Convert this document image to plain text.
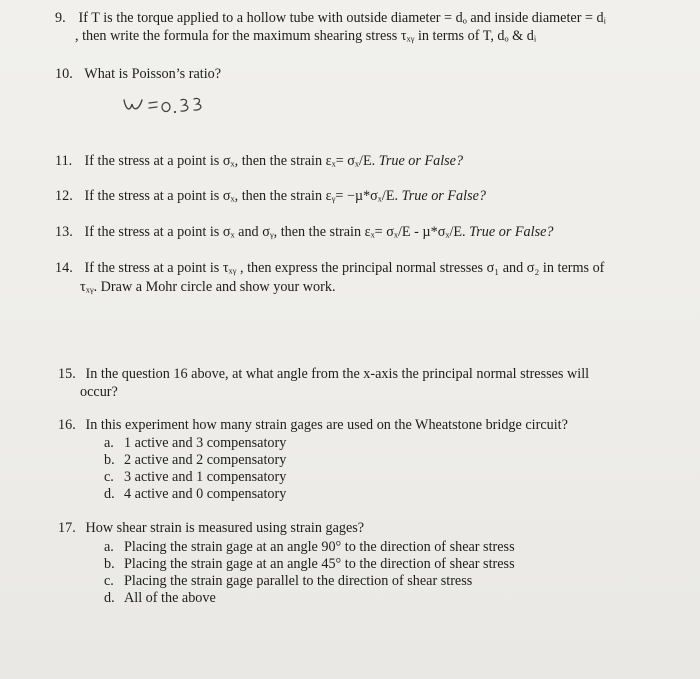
9. If T is the torque applied to a hollow tube with outside diameter = dₒ and inside diameter = dᵢ
, then write the formula for the maximum shearing stress τₓᵧ in terms of T, dₒ & dᵢ
10. What is Poisson’s ratio?
11. If the stress at a point is σₓ, then the strain εₓ= σₓ/E. True or False?
12. If the stress at a point is σₓ, then the strain εᵧ= −µ*σₓ/E. True or False?
13. If the stress at a point is σₓ and σᵧ, then the strain εₓ= σₓ/E - µ*σₓ/E. True or False?
14. If the stress at a point is τₓᵧ , then express the principal normal stresses σ₁ and σ₂ in terms of
τₓᵧ. Draw a Mohr circle and show your work.
15. In the question 16 above, at what angle from the x-axis the principal normal stresses will
occur?
16. In this experiment how many strain gages are used on the Wheatstone bridge circuit?
a. 1 active and 3 compensatory
b. 2 active and 2 compensatory
c. 3 active and 1 compensatory
d. 4 active and 0 compensatory
17. How shear strain is measured using strain gages?
a. Placing the strain gage at an angle 90° to the direction of shear stress
b. Placing the strain gage at an angle 45° to the direction of shear stress
c. Placing the strain gage parallel to the direction of shear stress
d. All of the above
